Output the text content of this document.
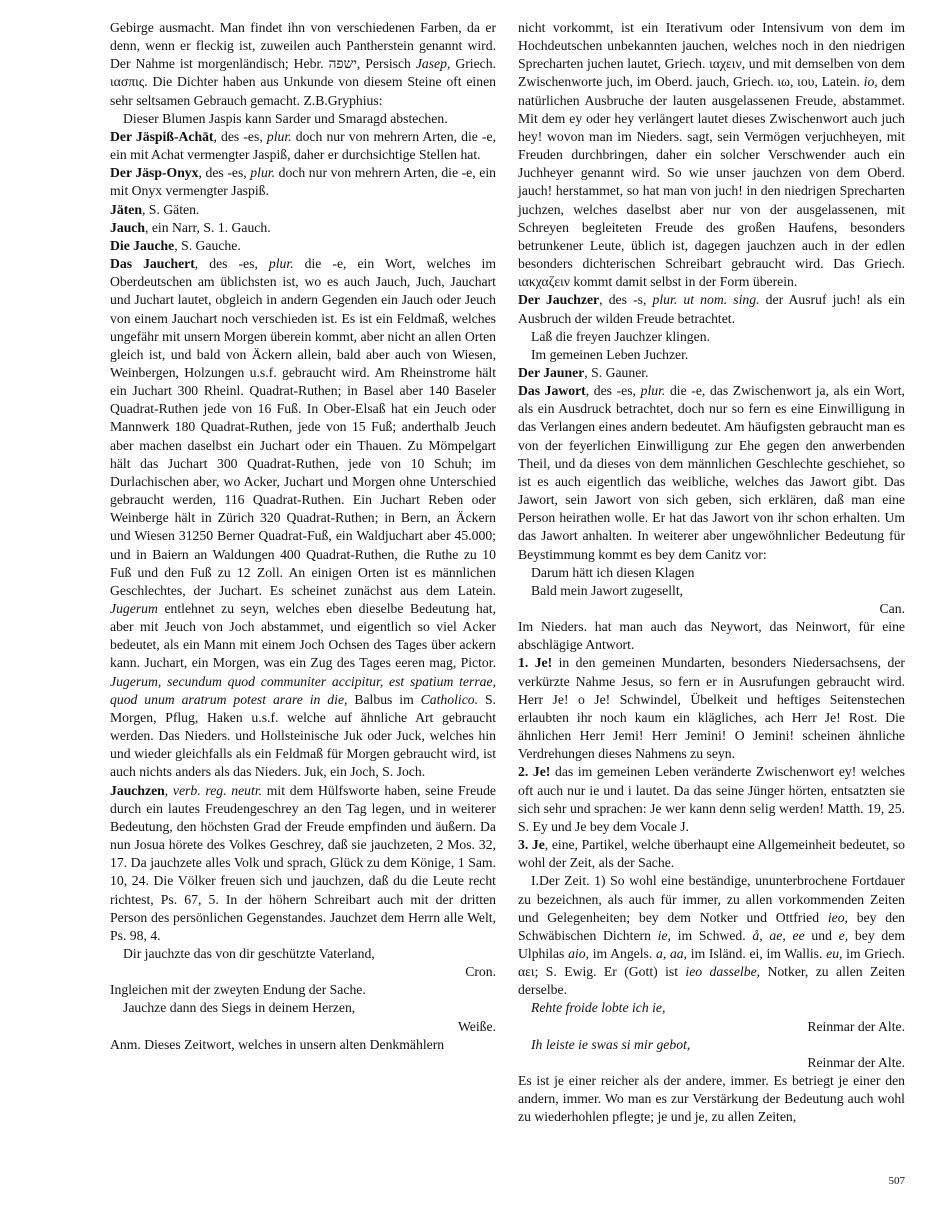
Gebirge ausmacht. Man findet ihn von verschiedenen Farben, da er denn, wenn er fleckig ist, zuweilen auch Pantherstein genannt wird. Der Nahme ist morgenländisch; Hebr. ישפה, Persisch Jasep, Griech. ιασπις. Die Dichter haben aus Unkunde von diesem Steine oft einen sehr seltsamen Gebrauch gemacht. Z.B.Gryphius:

Dieser Blumen Jaspis kann Sarder und Smaragd abstechen.

Der Jäspiß-Achāt, des -es, plur. doch nur von mehrern Arten, die -e, ein mit Achat vermengter Jaspiß, daher er durchsichtige Stellen hat.

Der Jäsp-Onyx, des -es, plur. doch nur von mehrern Arten, die -e, ein mit Onyx vermengter Jaspiß.

Jäten, S. Gäten.

Jauch, ein Narr, S. 1. Gauch.

Die Jauche, S. Gauche.

Das Jauchert, des -es, plur. die -e, ein Wort, welches im Oberdeutschen am üblichsten ist, wo es auch Jauch, Juch, Jauchart und Juchart lautet, obgleich in andern Gegenden ein Jauch oder Jeuch von einem Jauchart noch verschieden ist. Es ist ein Feldmaß, welches ungefähr mit unsern Morgen überein kommt, aber nicht an allen Orten gleich ist, und bald von Äckern allein, bald aber auch von Wiesen, Weinbergen, Holzungen u.s.f. gebraucht wird. Am Rheinstrome hält ein Juchart 300 Rheinl. Quadrat-Ruthen; in Basel aber 140 Baseler Quadrat-Ruthen jede von 16 Fuß. In Ober-Elsaß hat ein Jeuch oder Mannwerk 180 Quadrat-Ruthen, jede von 15 Fuß; anderthalb Jeuch aber machen daselbst ein Juchart oder ein Thauen. Zu Mömpelgart hält das Juchart 300 Quadrat-Ruthen, jede von 10 Schuh; im Durlachischen aber, wo Acker, Juchart und Morgen ohne Unterschied gebraucht werden, 116 Quadrat-Ruthen. Ein Juchart Reben oder Weinberge hält in Zürich 320 Quadrat-Ruthen; in Bern, an Äckern und Wiesen 31250 Berner Quadrat-Fuß, ein Waldjuchart aber 45.000; und in Baiern an Waldungen 400 Quadrat-Ruthen, die Ruthe zu 10 Fuß und den Fuß zu 12 Zoll. An einigen Orten ist es männlichen Geschlechtes, der Juchart. Es scheinet zunächst aus dem Latein. Jugerum entlehnet zu seyn, welches eben dieselbe Bedeutung hat, aber mit Jeuch von Joch abstammet, und eigentlich so viel Acker bedeutet, als ein Mann mit einem Joch Ochsen des Tages über ackern kann. Juchart, ein Morgen, was ein Zug des Tages eeren mag, Pictor. Jugerum, secundum quod communiter accipitur, est spatium terrae, quod unum aratrum potest arare in die, Balbus im Catholico. S. Morgen, Pflug, Haken u.s.f. welche auf ähnliche Art gebraucht werden. Das Nieders. und Hollsteinische Juk oder Juck, welches hin und wieder gleichfalls als ein Feldmaß für Morgen gebraucht wird, ist auch nichts anders als das Nieders. Juk, ein Joch, S. Joch.

Jauchzen, verb. reg. neutr. mit dem Hülfsworte haben, seine Freude durch ein lautes Freudengeschrey an den Tag legen, und in weiterer Bedeutung, den höchsten Grad der Freude empfinden und äußern. Da nun Josua hörete des Volkes Geschrey, daß sie jauchzeten, 2 Mos. 32, 17. Da jauchzete alles Volk und sprach, Glück zu dem Könige, 1 Sam. 10, 24. Die Völker freuen sich und jauchzen, daß du die Leute recht richtest, Ps. 67, 5. In der höhern Schreibart auch mit der dritten Person des persönlichen Gegenstandes. Jauchzet dem Herrn alle Welt, Ps. 98, 4.

Dir jauchzte das von dir geschützte Vaterland,

Cron.

Ingleichen mit der zweyten Endung der Sache.

Jauchze dann des Siegs in deinem Herzen,

Weiße.

Anm. Dieses Zeitwort, welches in unsern alten Denkmählern

nicht vorkommt, ist ein Iterativum oder Intensivum von dem im Hochdeutschen unbekannten jauchen, welches noch in den niedrigen Sprecharten juchen lautet, Griech. ιαχειν, und mit demselben von dem Zwischenworte juch, im Oberd. jauch, Griech. ιω, ιου, Latein. io, dem natürlichen Ausbruche der lauten ausgelassenen Freude, abstammet. Mit dem ey oder hey verlängert lautet dieses Zwischenwort auch juch hey! wovon man im Nieders. sagt, sein Vermögen verjuchheyen, mit Freuden durchbringen, daher ein solcher Verschwender auch ein Juchheyer genannt wird. So wie unser jauchzen von dem Oberd. jauch! herstammet, so hat man von juch! in den niedrigen Sprecharten juchzen, welches daselbst aber nur von der ausgelassenen, mit Schreyen begleiteten Freude des großen Haufens, besonders betrunkener Leute, üblich ist, dagegen jauchzen auch in der edlen besonders dichterischen Schreibart gebraucht wird. Das Griech. ιακχαζειν kommt damit selbst in der Form überein.

Der Jauchzer, des -s, plur. ut nom. sing. der Ausruf juch! als ein Ausbruch der wilden Freude betrachtet.

Laß die freyen Jauchzer klingen.

Im gemeinen Leben Juchzer.

Der Jauner, S. Gauner.

Das Jawort, des -es, plur. die -e, das Zwischenwort ja, als ein Wort, als ein Ausdruck betrachtet, doch nur so fern es eine Einwilligung in das Verlangen eines andern bedeutet. Am häufigsten gebraucht man es von der feyerlichen Einwilligung zur Ehe gegen den anwerbenden Theil, und da dieses von dem männlichen Geschlechte geschiehet, so ist es auch eigentlich das weibliche, welches das Jawort gibt. Das Jawort, sein Jawort von sich geben, sich erklären, daß man eine Person heirathen wolle. Er hat das Jawort von ihr schon erhalten. Um das Jawort anhalten. In weiterer aber ungewöhnlicher Bedeutung für Beystimmung kommt es bey dem Canitz vor:

Darum hätt ich diesen Klagen

Bald mein Jawort zugesellt,

Can.

Im Nieders. hat man auch das Neywort, das Neinwort, für eine abschlägige Antwort.

1. Je! in den gemeinen Mundarten, besonders Niedersachsens, der verkürzte Nahme Jesus, so fern er in Ausrufungen gebraucht wird. Herr Je! o Je! Schwindel, Übelkeit und heftiges Seitenstechen erlaubten ihr noch kaum ein klägliches, ach Herr Je! Rost. Die ähnlichen Herr Jemi! Herr Jemini! O Jemini! scheinen ähnliche Verdrehungen dieses Nahmens zu seyn.

2. Je! das im gemeinen Leben veränderte Zwischenwort ey! welches oft auch nur ie und i lautet. Da das seine Jünger hörten, entsatzten sie sich sehr und sprachen: Je wer kann denn selig werden! Matth. 19, 25. S. Ey und Je bey dem Vocale J.

3. Je, eine, Partikel, welche überhaupt eine Allgemeinheit bedeutet, so wohl der Zeit, als der Sache.

I.Der Zeit. 1) So wohl eine beständige, ununterbrochene Fortdauer zu bezeichnen, als auch für immer, zu allen vorkommenden Zeiten und Gelegenheiten; bey dem Notker und Ottfried ieo, bey den Schwäbischen Dichtern ie, im Schwed. å, ae, ee und e, bey dem Ulphilas aio, im Angels. a, aa, im Isländ. ei, im Wallis. eu, im Griech. αει; S. Ewig. Er (Gott) ist ieo dasselbe, Notker, zu allen Zeiten derselbe.

Rehte froide lobte ich ie,

Reinmar der Alte.

Ih leiste ie swas si mir gebot,

Reinmar der Alte.

Es ist je einer reicher als der andere, immer. Es betriegt je einer den andern, immer. Wo man es zur Verstärkung der Bedeutung auch wohl zu wiederhohlen pflegte; je und je, zu allen Zeiten,

507
